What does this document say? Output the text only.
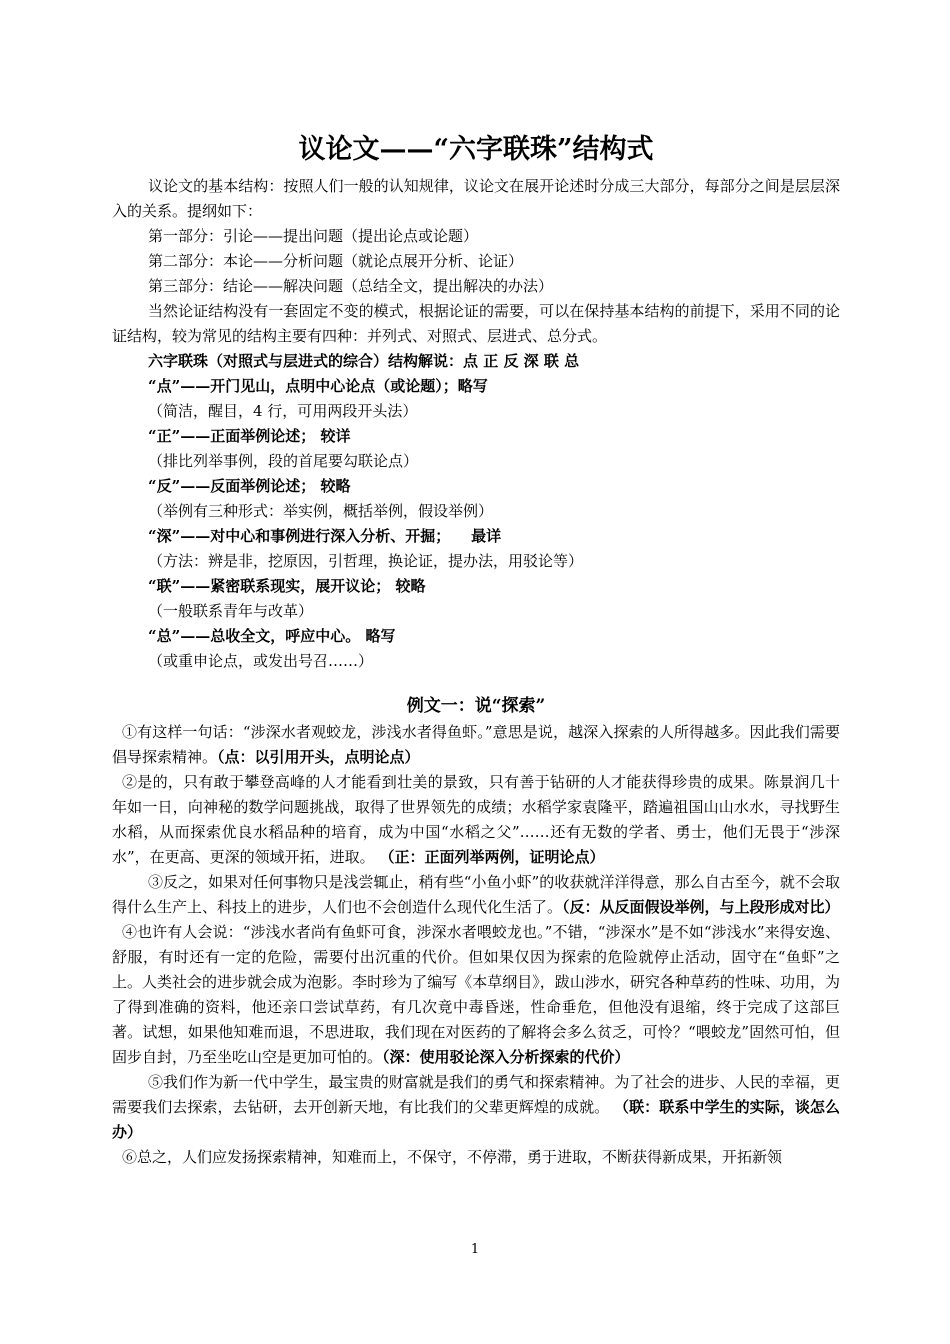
议论文——“六字联珠”结构式

议论文的基本结构：按照人们一般的认知规律，议论文在展开论述时分成三大部分，每部分之间是层层深入的关系。提纲如下：

第一部分：引论——提出问题（提出论点或论题）

第二部分：本论——分析问题（就论点展开分析、论证）

第三部分：结论——解决问题（总结全文，提出解决的办法）

当然论证结构没有一套固定不变的模式，根据论证的需要，可以在保持基本结构的前提下，采用不同的论证结构，较为常见的结构主要有四种：并列式、对照式、层进式、总分式。

六字联珠（对照式与层进式的综合）结构解说：点 正 反 深 联 总

“点”——开门见山，点明中心论点（或论题）；略写

（简洁，醒目，4 行，可用两段开头法）

“正”——正面举例论述； 较详

（排比列举事例，段的首尾要勾联论点）

“反”——反面举例论述； 较略

（举例有三种形式：举实例，概括举例，假设举例）

“深”——对中心和事例进行深入分析、开掘；    最详

（方法：辨是非，挖原因，引哲理，换论证，提办法，用驳论等）

“联”——紧密联系现实，展开议论； 较略

（一般联系青年与改革）

“总”——总收全文，呼应中心。 略写

（或重申论点，或发出号召……）

例文一：说“探索”

①有这样一句话：“涉深水者观蛟龙，涉浅水者得鱼虾。”意思是说，越深入探索的人所得越多。因此我们需要倡导探索精神。（点：以引用开头，点明论点）

②是的，只有敢于攀登高峰的人才能看到壮美的景致，只有善于钻研的人才能获得珍贵的成果。陈景润几十年如一日，向神秘的数学问题挑战，取得了世界领先的成绩；水稻学家袁隆平，踏遍祖国山山水水，寻找野生水稻，从而探索优良水稻品种的培育，成为中国“水稻之父”……还有无数的学者、勇士，他们无畏于“涉深水”，在更高、更深的领域开拓，进取。 （正：正面列举两例，证明论点）

③反之，如果对任何事物只是浅尝辄止，稍有些“小鱼小虾”的收获就洋洋得意，那么自古至今，就不会取得什么生产上、科技上的进步，人们也不会创造什么现代化生活了。（反：从反面假设举例，与上段形成对比）

④也许有人会说：“涉浅水者尚有鱼虾可食，涉深水者喂蛟龙也。”不错，“涉深水”是不如“涉浅水”来得安逸、舒服，有时还有一定的危险，需要付出沉重的代价。但如果仅因为探索的危险就停止活动，固守在“鱼虾”之上。人类社会的进步就会成为泡影。李时珍为了编写《本草纲目》，跋山涉水，研究各种草药的性味、功用，为了得到准确的资料，他还亲口尝试草药，有几次竟中毒昏迷，性命垂危，但他没有退缩，终于完成了这部巨著。试想，如果他知难而退，不思进取，我们现在对医药的了解将会多么贫乏，可怜？“喂蛟龙”固然可怕，但固步自封，乃至坐吃山空是更加可怕的。（深：使用驳论深入分析探索的代价）

⑤我们作为新一代中学生，最宝贵的财富就是我们的勇气和探索精神。为了社会的进步、人民的幸福，更需要我们去探索，去钻研，去开创新天地，有比我们的父辈更辉煌的成就。 （联：联系中学生的实际，谈怎么办）

⑥总之，人们应发扬探索精神，知难而上，不保守，不停滞，勇于进取，不断获得新成果，开拓新领

1
